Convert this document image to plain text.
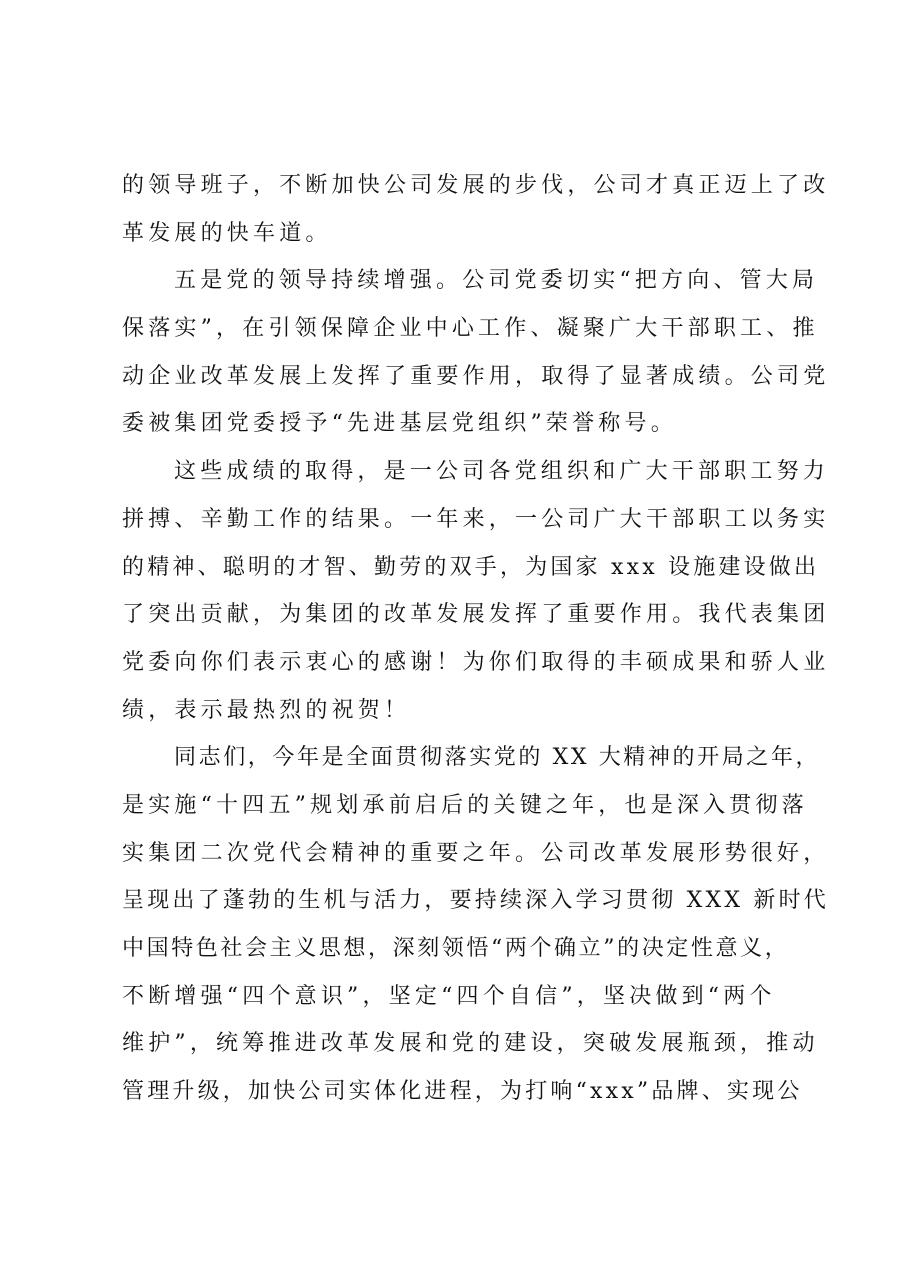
的领导班子，不断加快公司发展的步伐，公司才真正迈上了改
革发展的快车道。
五是党的领导持续增强。公司党委切实“把方向、管大局
保落实”，在引领保障企业中心工作、凝聚广大干部职工、推
动企业改革发展上发挥了重要作用，取得了显著成绩。公司党
委被集团党委授予“先进基层党组织”荣誉称号。
这些成绩的取得，是一公司各党组织和广大干部职工努力
拼搏、辛勤工作的结果。一年来，一公司广大干部职工以务实
的精神、聪明的才智、勤劳的双手，为国家 xxx 设施建设做出
了突出贡献，为集团的改革发展发挥了重要作用。我代表集团
党委向你们表示衷心的感谢！为你们取得的丰硕成果和骄人业
绩，表示最热烈的祝贺！
同志们，今年是全面贯彻落实党的 XX 大精神的开局之年，
是实施“十四五”规划承前启后的关键之年，也是深入贯彻落
实集团二次党代会精神的重要之年。公司改革发展形势很好，
呈现出了蓬勃的生机与活力，要持续深入学习贯彻 XXX 新时代
中国特色社会主义思想，深刻领悟“两个确立”的决定性意义，
不断增强“四个意识”，坚定“四个自信”，坚决做到“两个
维护”，统筹推进改革发展和党的建设，突破发展瓶颈，推动
管理升级，加快公司实体化进程，为打响“xxx”品牌、实现公
